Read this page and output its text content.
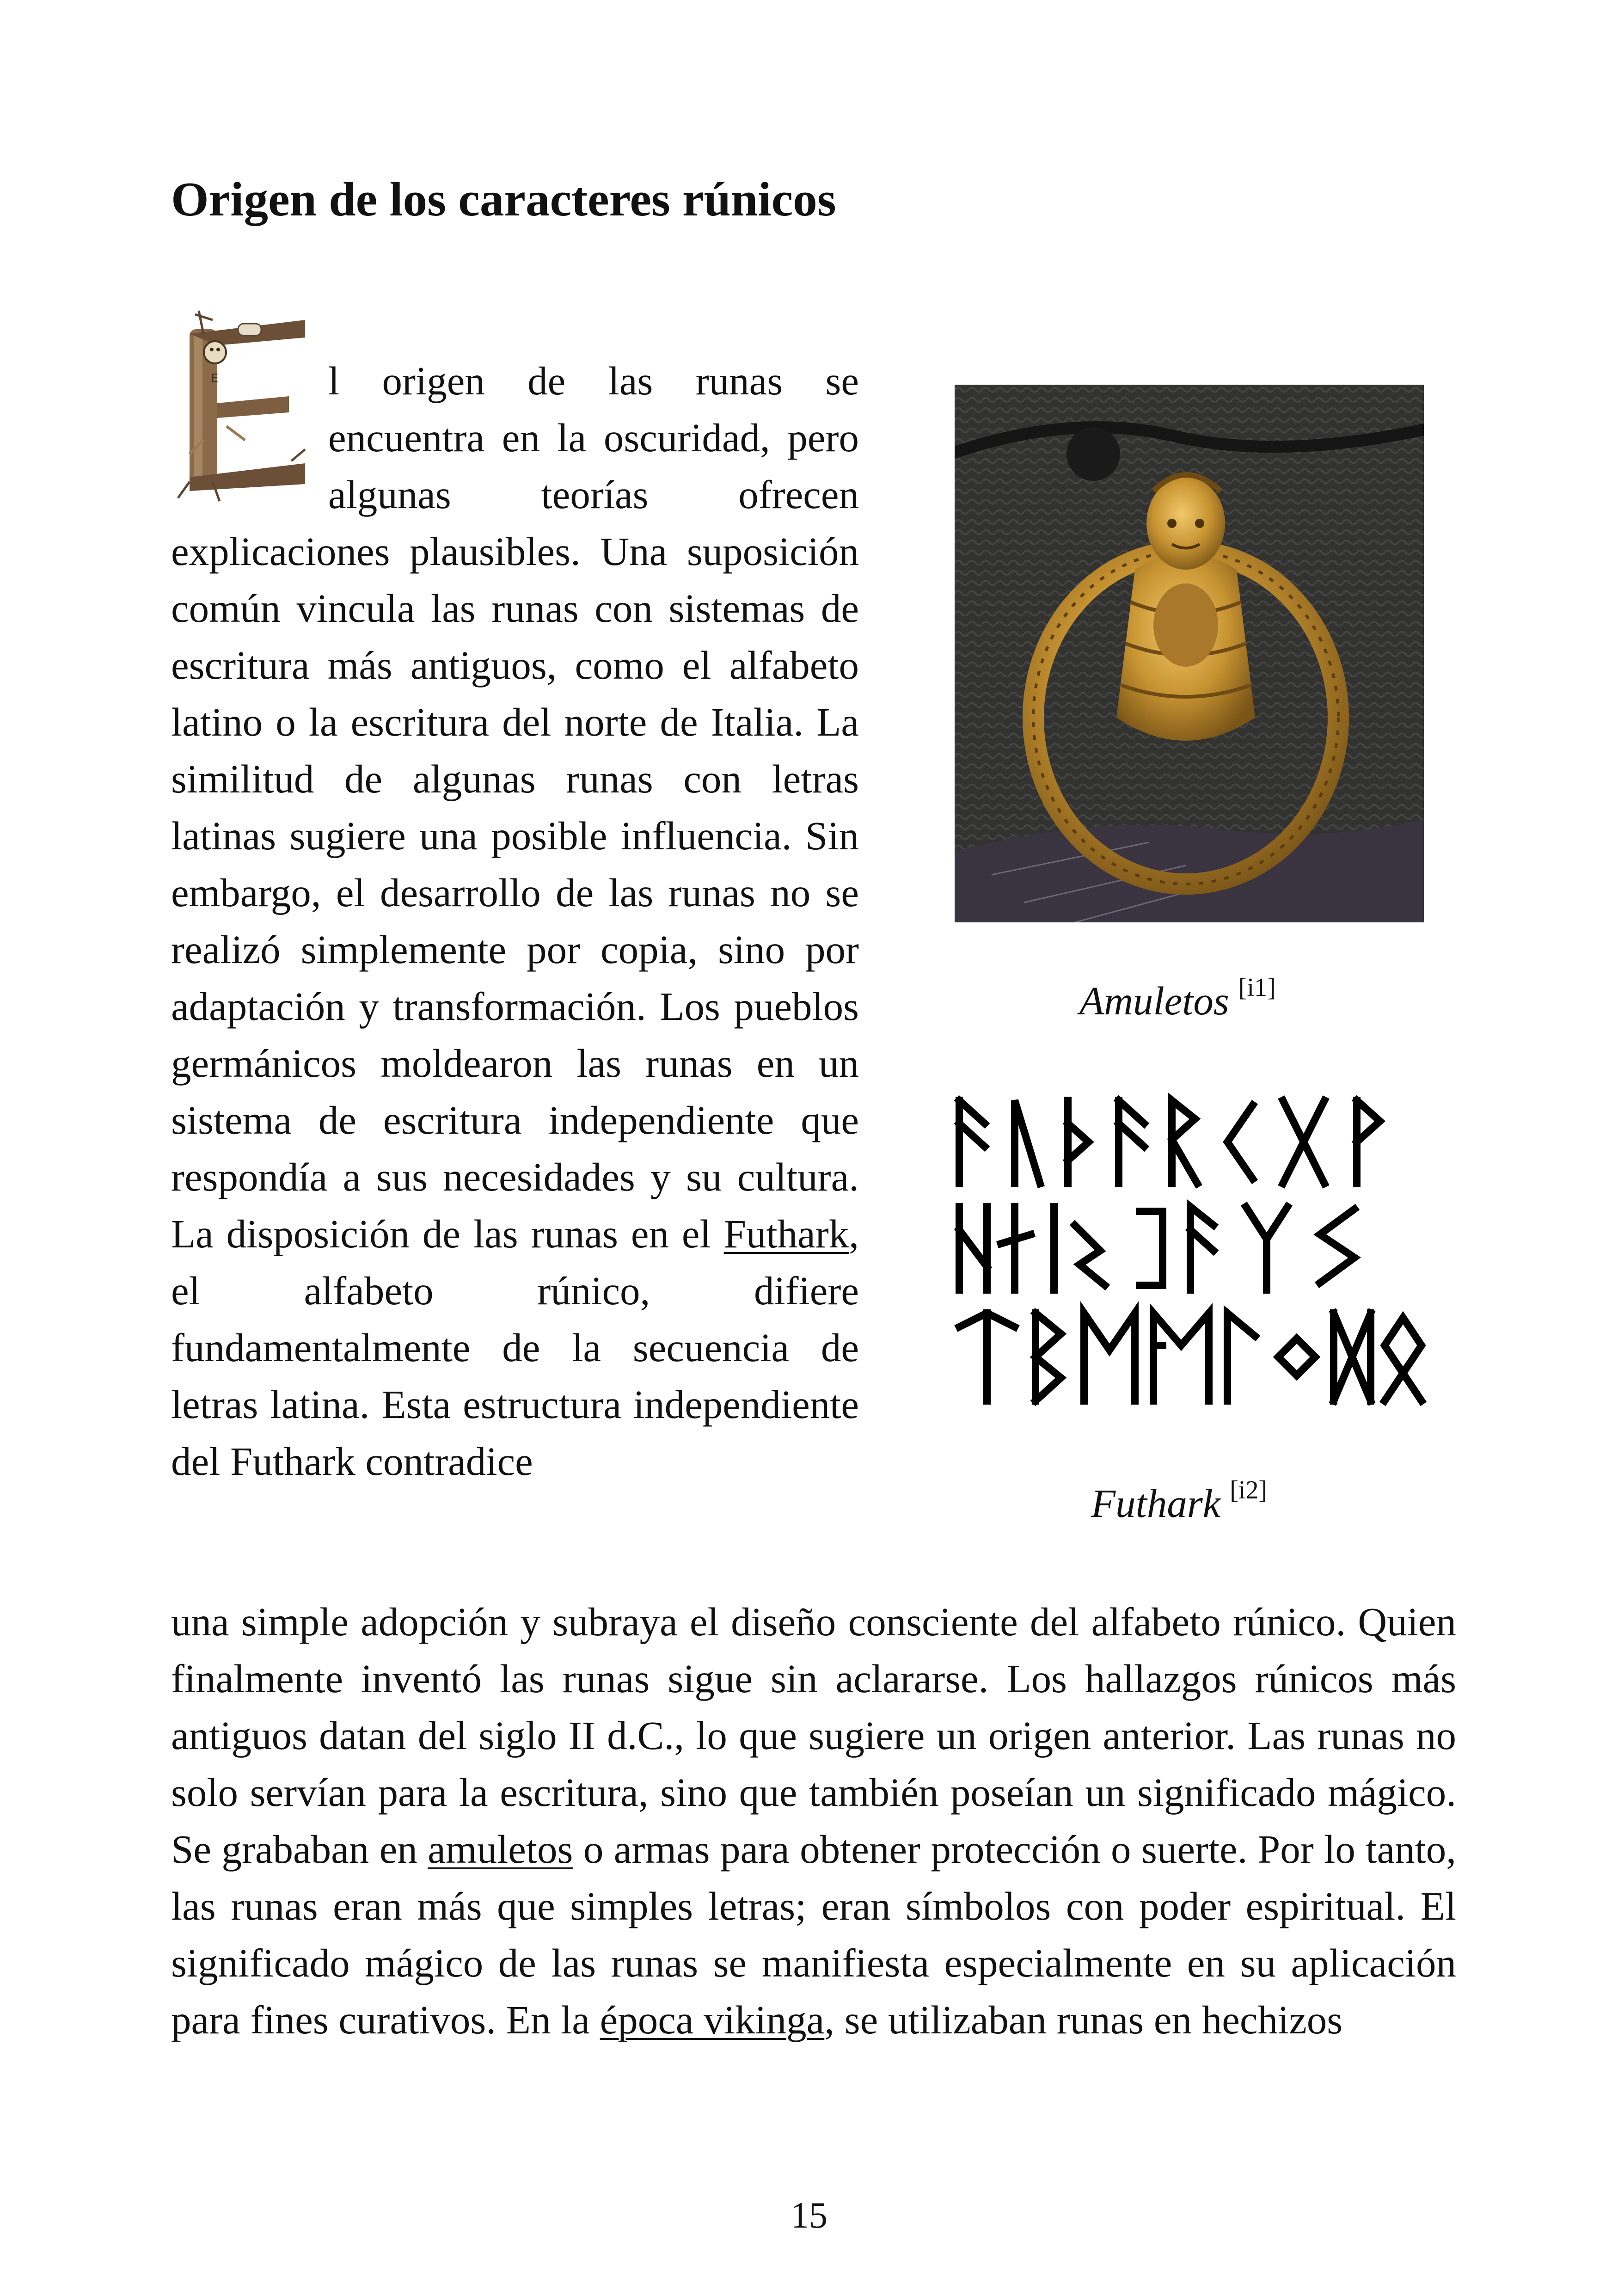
Origen de los caracteres rúnicos
E	l origen de las runas se encuentra en la oscuridad, pero algunas teorías ofrecen explicaciones plausibles. Una suposición común vincula las runas con sistemas de escritura más antiguos, como el alfabeto latino o la escritura del norte de Italia. La similitud de algunas runas con letras latinas sugiere una posible influencia. Sin embargo, el desarrollo de las runas no se realizó simplemente por copia, sino por adaptación y transformación. Los pueblos germánicos moldearon las runas en un sistema de escritura independiente que respondía a sus necesidades y su cultura. La disposición de las runas en el Futhark, el alfabeto rúnico, difiere fundamentalmente de la secuencia de letras latina. Esta estructura independiente del Futhark contradice
una simple adopción y subraya el diseño consciente del alfabeto rúnico. Quien finalmente inventó las runas sigue sin aclararse. Los hallazgos rúnicos más antiguos datan del siglo II d.C., lo que sugiere un origen anterior. Las runas no solo servían para la escritura, sino que también poseían un significado mágico. Se grababan en amuletos o armas para obtener protección o suerte. Por lo tanto, las runas eran más que simples letras; eran símbolos con poder espiritual. El significado mágico de las runas se manifiesta especialmente en su aplicación para fines curativos. En la época vikinga, se utilizaban runas en hechizos
Amuletos [i1]
Futhark [i2]
15
